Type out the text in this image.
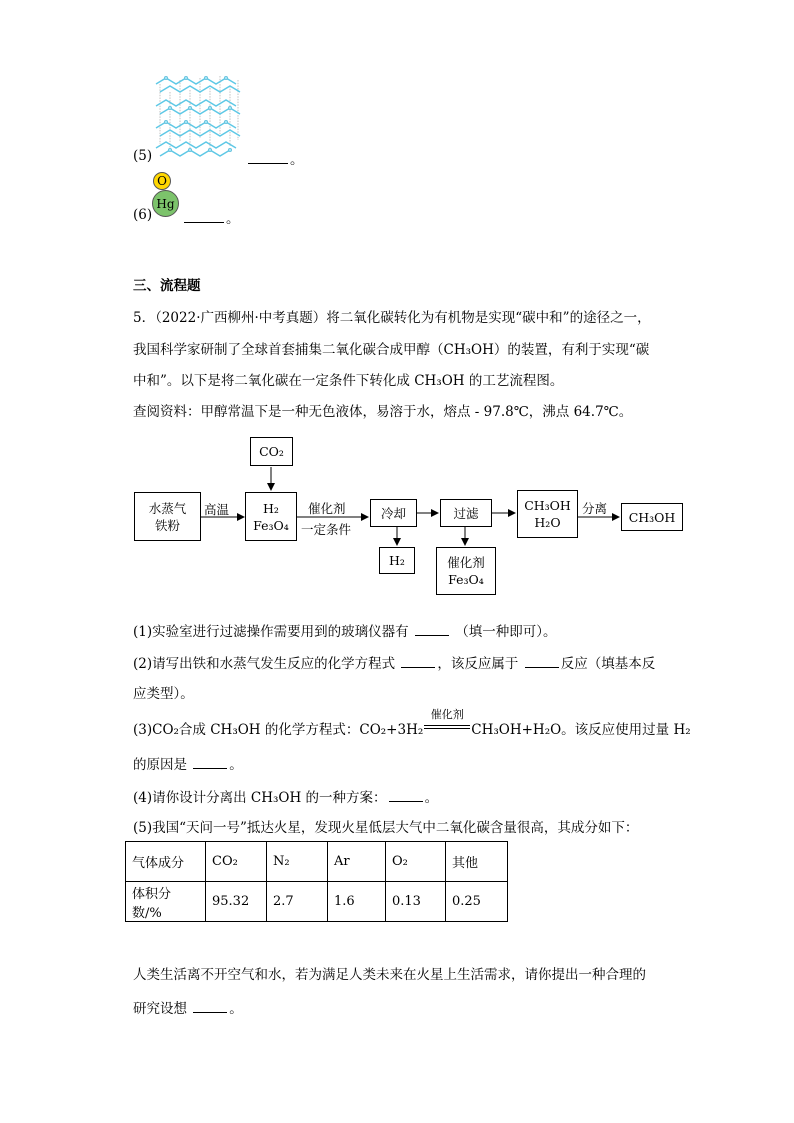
(5)	。
O
Hg
(6)	。
三、流程题
5．（2022·广西柳州·中考真题）将二氧化碳转化为有机物是实现“碳中和”的途径之一，
我国科学家研制了全球首套捕集二氧化碳合成甲醇（CH₃OH）的装置，有利于实现“碳
中和”。以下是将二氧化碳在一定条件下转化成 CH₃OH 的工艺流程图。
查阅资料：甲醇常温下是一种无色液体，易溶于水，熔点 - 97.8℃，沸点 64.7℃。
CO₂
水蒸气
铁粉
高温	H₂
Fe₃O₄
催化剂
一定条件
冷却
H₂
过滤
催化剂
Fe₃O₄
CH₃OH
H₂O
分离
CH₃OH
(1)实验室进行过滤操作需要用到的玻璃仪器有	（填一种即可）。
(2)请写出铁和水蒸气发生反应的化学方程式	，该反应属于	反应（填基本反
应类型）。
(3)CO₂合成 CH₃OH 的化学方程式：CO₂+3H₂
催化剂
CH₃OH+H₂O。该反应使用过量 H₂
的原因是	。
(4)请你设计分离出 CH₃OH 的一种方案：	。
(5)我国“天问一号”抵达火星，发现火星低层大气中二氧化碳含量很高，其成分如下：
气体成分	CO₂	N₂	Ar	O₂	其他
体积分数/%	95.32	2.7	1.6	0.13	0.25
人类生活离不开空气和水，若为满足人类未来在火星上生活需求，请你提出一种合理的
研究设想	。
